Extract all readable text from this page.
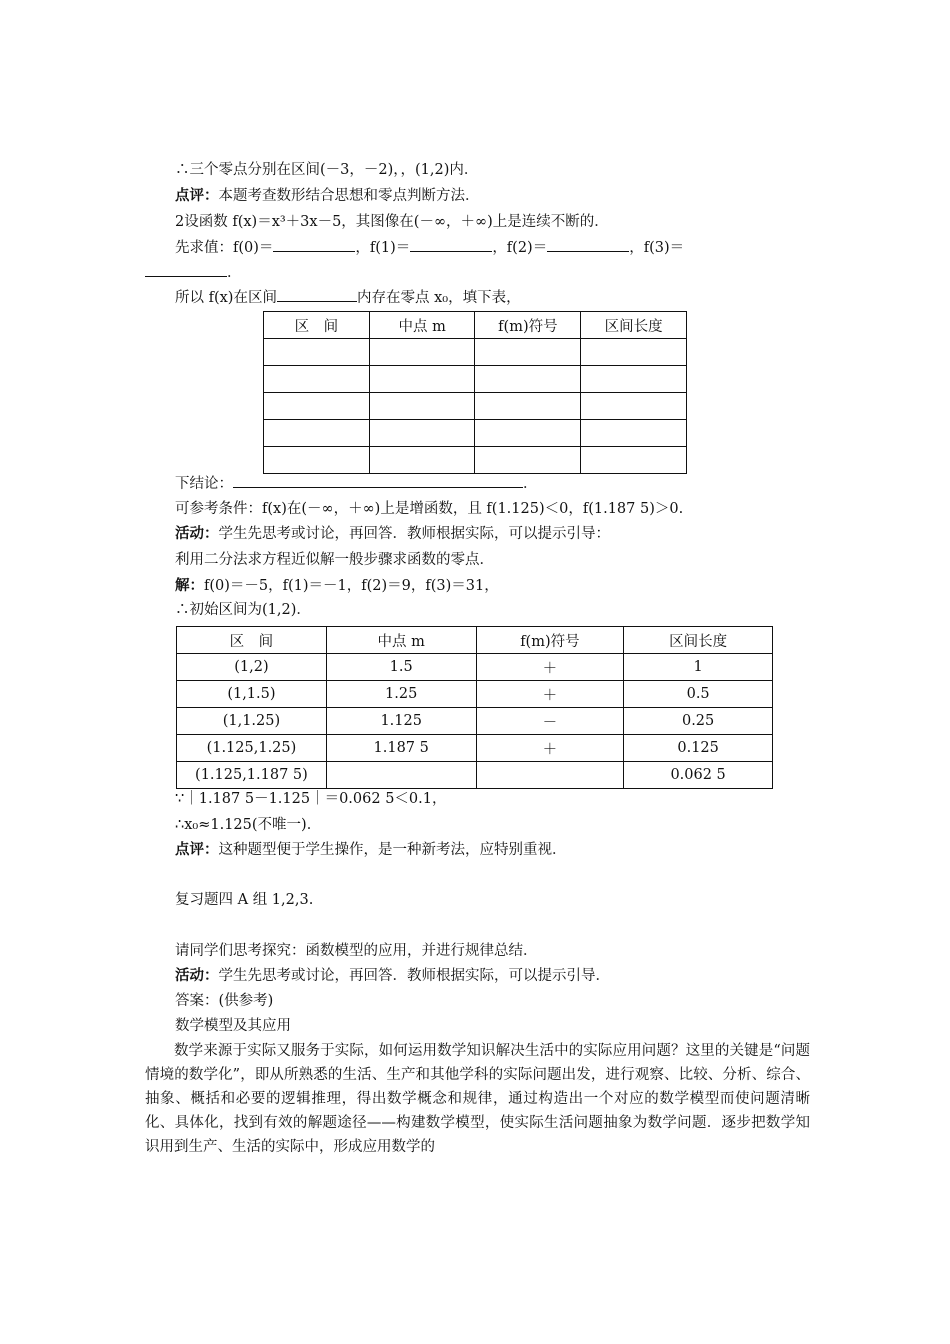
∴三个零点分别在区间(－3，－2)，，(1,2)内．
点评：本题考查数形结合思想和零点判断方法．
2设函数 f(x)＝x³＋3x－5，其图像在(－∞，＋∞)上是连续不断的．
先求值：f(0)＝	，f(1)＝	，f(2)＝	，f(3)＝
．
所以 f(x)在区间	内存在零点 x₀，填下表，
区　间	中点 m	f(m)符号	区间长度

下结论：	．
可参考条件：f(x)在(－∞，＋∞)上是增函数，且 f(1.125)＜0，f(1.187 5)＞0.
活动：学生先思考或讨论，再回答．教师根据实际，可以提示引导：
利用二分法求方程近似解一般步骤求函数的零点．
解：f(0)＝－5，f(1)＝－1，f(2)＝9，f(3)＝31，
∴初始区间为(1,2)．
区　间	中点 m	f(m)符号	区间长度
(1,2)	1.5	＋	1
(1,1.5)	1.25	＋	0.5
(1,1.25)	1.125	－	0.25
(1.125,1.25)	1.187 5	＋	0.125
(1.125,1.187 5)			0.062 5
∵｜1.187 5－1.125｜＝0.062 5＜0.1，
∴x₀≈1.125(不唯一)．
点评：这种题型便于学生操作，是一种新考法，应特别重视．
复习题四 A 组 1,2,3.
请同学们思考探究：函数模型的应用，并进行规律总结．
活动：学生先思考或讨论，再回答．教师根据实际，可以提示引导．
答案：(供参考)
数学模型及其应用
数学来源于实际又服务于实际，如何运用数学知识解决生活中的实际应用问题？这里的关键是“问题情境的数学化”，即从所熟悉的生活、生产和其他学科的实际问题出发，进行观察、比较、分析、综合、抽象、概括和必要的逻辑推理，得出数学概念和规律，通过构造出一个对应的数学模型而使问题清晰化、具体化，找到有效的解题途径——构建数学模型，使实际生活问题抽象为数学问题．逐步把数学知识用到生产、生活的实际中，形成应用数学的
